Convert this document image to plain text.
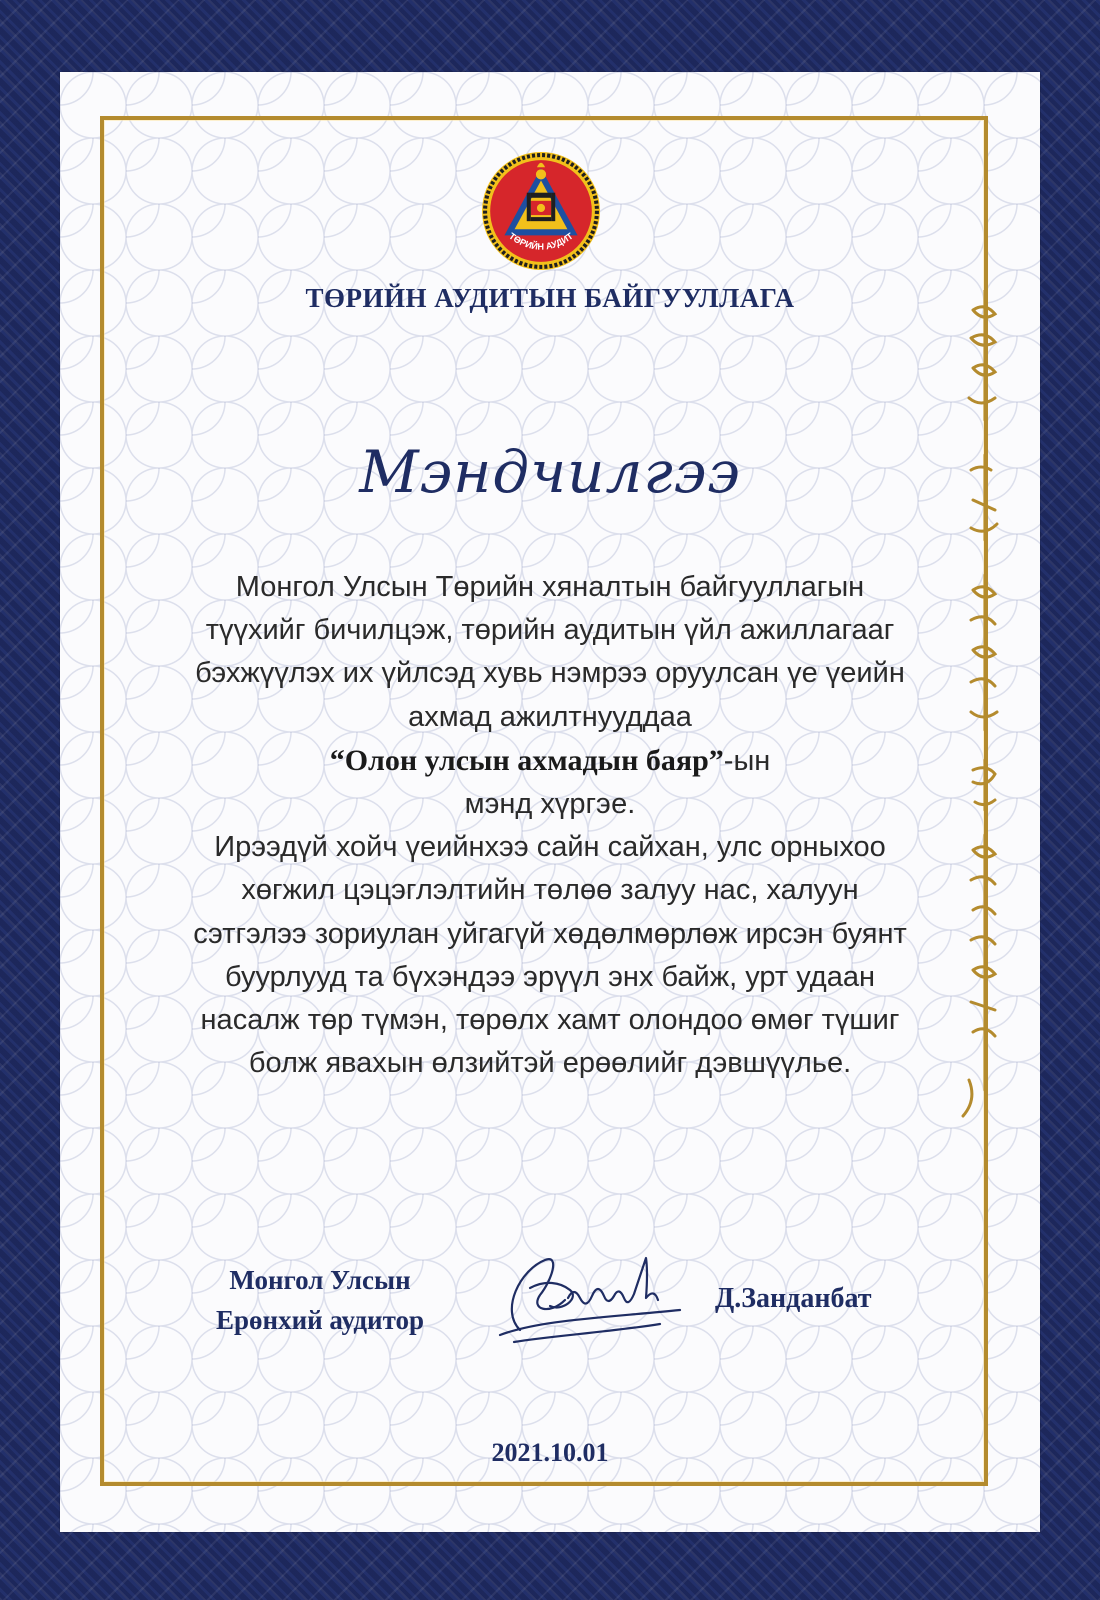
ТӨРИЙН АУДИТ
ТӨРИЙН АУДИТЫН БАЙГУУЛЛАГА
Мэндчилгээ
Монгол Улсын Төрийн хяналтын байгууллагын
түүхийг бичилцэж, төрийн аудитын үйл ажиллагааг
бэхжүүлэх их үйлсэд хувь нэмрээ оруулсан үе үеийн
ахмад ажилтнууддаа
“Олон улсын ахмадын баяр”-ын
мэнд хүргэе.
Ирээдүй хойч үеийнхээ сайн сайхан, улс орныхоо
хөгжил цэцэглэлтийн төлөө залуу нас, халуун
сэтгэлээ зориулан уйгагүй хөдөлмөрлөж ирсэн буянт
буурлууд та бүхэндээ эрүүл энх байж, урт удаан
насалж төр түмэн, төрөлх хамт олондоо өмөг түшиг
болж явахын өлзийтэй ерөөлийг дэвшүүлье.
Монгол Улсын
Ерөнхий аудитор
Д.Занданбат
2021.10.01
